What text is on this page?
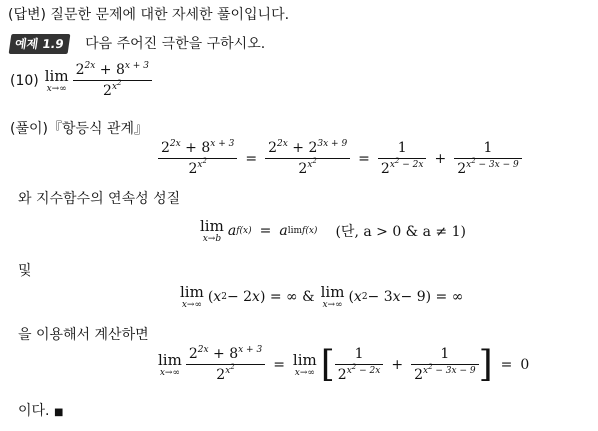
(답변) 질문한 문제에 대한 자세한 풀이입니다.
예제 1.9 다음 주어진 극한을 구하시오.
(10) lim
$x\to\infty \frac{2^{2x} + 8^{x + 3}}{2^{x^2}}$
(풀이)『항등식 관계』
$\frac{2^{2x} + 8^{x + 3}}{2^{x^2}} = \frac{2^{2x} + 2^{3x + 9}}{2^{x^2}} = \frac{1}{2^{x^2 - 2x}} + \frac{1}{2^{x^2 - 3x - 9}}$
와 지수함수의 연속성 성질
lim
x→b a f(x) = a limf(x) (단, a > 0 & a ≠ 1)
및
lim
x→∞ ( x 2 − 2 x ) = ∞ & lim
x→∞ ( x 2 − 3 x − 9) = ∞
을 이용해서 계산하면
lim
$x\to\infty \frac{2^{2x} + 8^{x + 3}}{2^{x^2}} = \lim$
x→∞ [ $\frac{1}{2^{x^2 - 2x}} + \frac{1}{2^{x^2 - 3x - 9}}$ ] = 0
이다. ■
